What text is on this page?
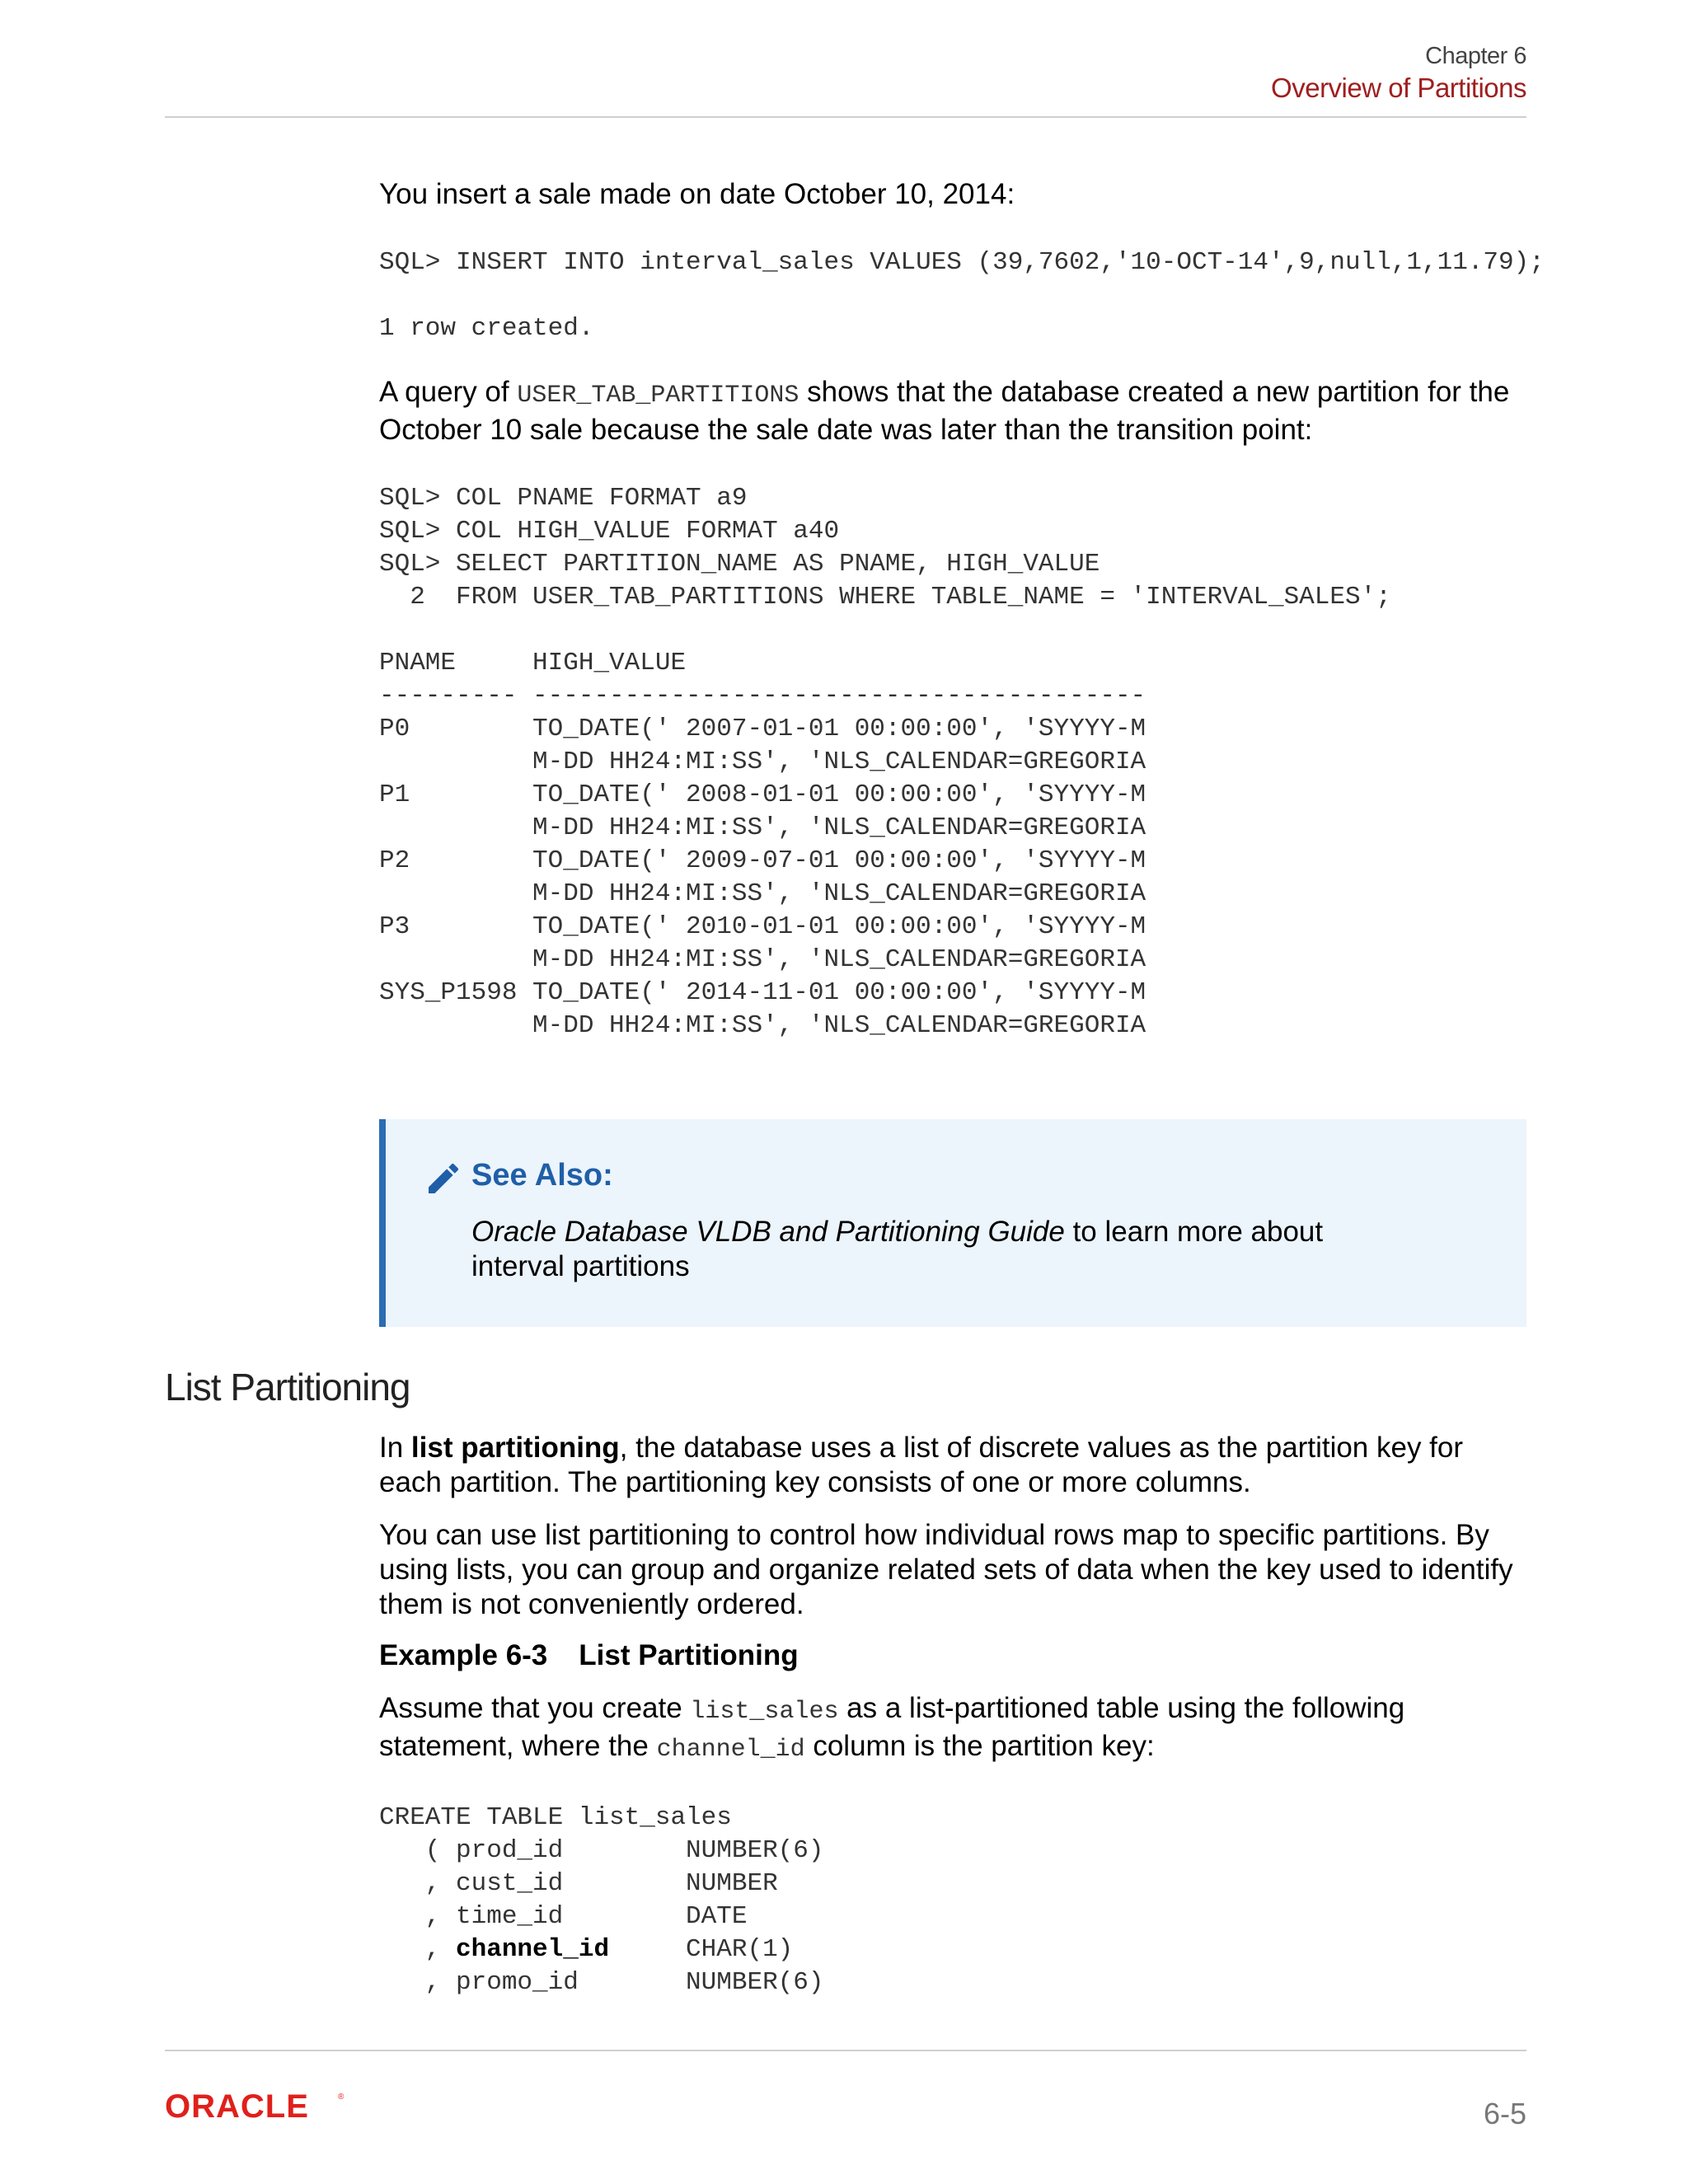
Chapter 6
Overview of Partitions

You insert a sale made on date October 10, 2014:

SQL> INSERT INTO interval_sales VALUES (39,7602,'10-OCT-14',9,null,1,11.79);

1 row created.

A query of USER_TAB_PARTITIONS shows that the database created a new partition for the October 10 sale because the sale date was later than the transition point:

SQL> COL PNAME FORMAT a9
SQL> COL HIGH_VALUE FORMAT a40
SQL> SELECT PARTITION_NAME AS PNAME, HIGH_VALUE
2  FROM USER_TAB_PARTITIONS WHERE TABLE_NAME = 'INTERVAL_SALES';

PNAME     HIGH_VALUE
--------- ----------------------------------------
P0        TO_DATE(' 2007-01-01 00:00:00', 'SYYYY-M
M-DD HH24:MI:SS', 'NLS_CALENDAR=GREGORIA
P1        TO_DATE(' 2008-01-01 00:00:00', 'SYYYY-M
M-DD HH24:MI:SS', 'NLS_CALENDAR=GREGORIA
P2        TO_DATE(' 2009-07-01 00:00:00', 'SYYYY-M
M-DD HH24:MI:SS', 'NLS_CALENDAR=GREGORIA
P3        TO_DATE(' 2010-01-01 00:00:00', 'SYYYY-M
M-DD HH24:MI:SS', 'NLS_CALENDAR=GREGORIA
SYS_P1598 TO_DATE(' 2014-11-01 00:00:00', 'SYYYY-M
M-DD HH24:MI:SS', 'NLS_CALENDAR=GREGORIA
See Also:
Oracle Database VLDB and Partitioning Guide to learn more about interval partitions
List Partitioning

In list partitioning, the database uses a list of discrete values as the partition key for each partition. The partitioning key consists of one or more columns.

You can use list partitioning to control how individual rows map to specific partitions. By using lists, you can group and organize related sets of data when the key used to identify them is not conveniently ordered.

Example 6-3 List Partitioning

Assume that you create list_sales as a list-partitioned table using the following statement, where the channel_id column is the partition key:

CREATE TABLE list_sales
( prod_id        NUMBER(6)
, cust_id        NUMBER
, time_id        DATE
, channel_id     CHAR(1)
, promo_id       NUMBER(6)
ORACLE	®	6-5
